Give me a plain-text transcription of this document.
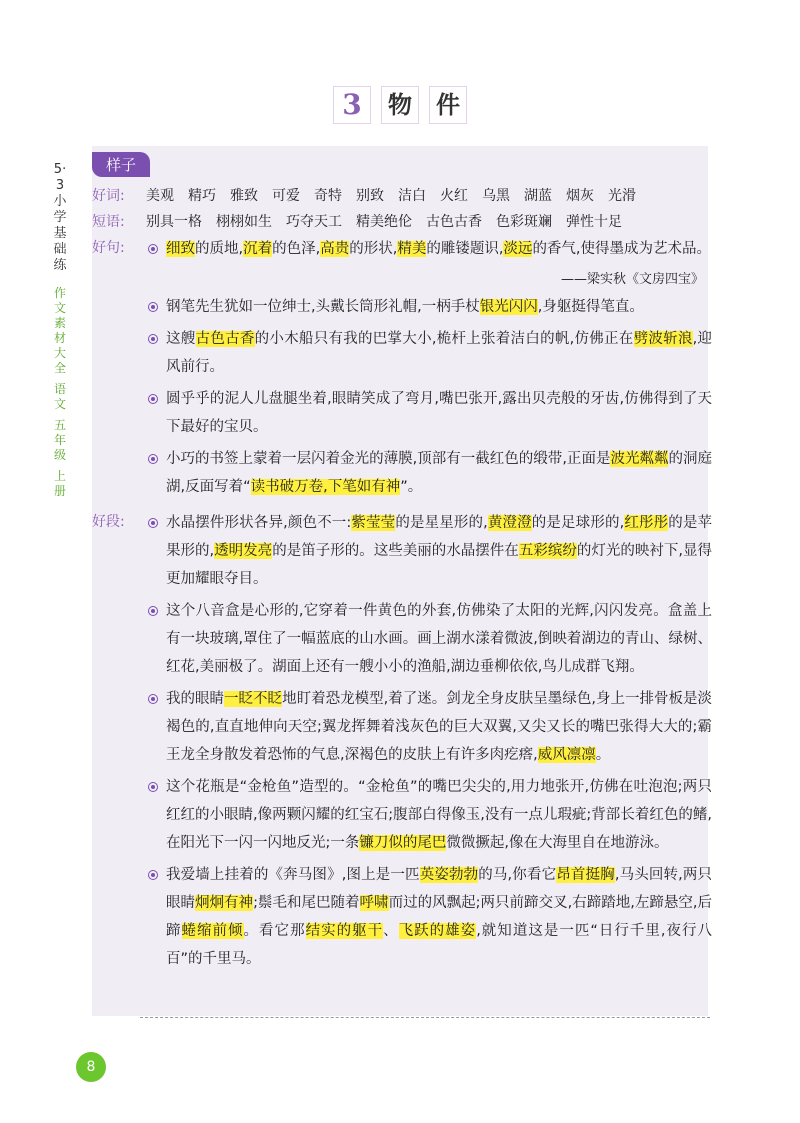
3 物 件
5·3小学基础练
作文素材大全
语文
五年级
上册
样子
好词:	美观 精巧 雅致 可爱 奇特 别致 洁白 火红 乌黑 湖蓝 烟灰 光滑
短语:	别具一格 栩栩如生 巧夺天工 精美绝伦 古色古香 色彩斑斓 弹性十足
好句:	细致的质地,沉着的色泽,高贵的形状,精美的雕镂题识,淡远的香气,使得墨成为艺术品。
——梁实秋《文房四宝》
钢笔先生犹如一位绅士,头戴长筒形礼帽,一柄手杖银光闪闪,身躯挺得笔直。
这艘古色古香的小木船只有我的巴掌大小,桅杆上张着洁白的帆,仿佛正在劈波斩浪,迎风前行。
圆乎乎的泥人儿盘腿坐着,眼睛笑成了弯月,嘴巴张开,露出贝壳般的牙齿,仿佛得到了天下最好的宝贝。
小巧的书签上蒙着一层闪着金光的薄膜,顶部有一截红色的缎带,正面是波光粼粼的洞庭湖,反面写着“读书破万卷,下笔如有神”。
好段:	水晶摆件形状各异,颜色不一:紫莹莹的是星星形的,黄澄澄的是足球形的,红彤彤的是苹果形的,透明发亮的是笛子形的。这些美丽的水晶摆件在五彩缤纷的灯光的映衬下,显得更加耀眼夺目。
这个八音盒是心形的,它穿着一件黄色的外套,仿佛染了太阳的光辉,闪闪发亮。盒盖上有一块玻璃,罩住了一幅蓝底的山水画。画上湖水漾着微波,倒映着湖边的青山、绿树、红花,美丽极了。湖面上还有一艘小小的渔船,湖边垂柳依依,鸟儿成群飞翔。
我的眼睛一眨不眨地盯着恐龙模型,着了迷。剑龙全身皮肤呈墨绿色,身上一排骨板是淡褐色的,直直地伸向天空;翼龙挥舞着浅灰色的巨大双翼,又尖又长的嘴巴张得大大的;霸王龙全身散发着恐怖的气息,深褐色的皮肤上有许多肉疙瘩,威风凛凛。
这个花瓶是“金枪鱼”造型的。“金枪鱼”的嘴巴尖尖的,用力地张开,仿佛在吐泡泡;两只红红的小眼睛,像两颗闪耀的红宝石;腹部白得像玉,没有一点儿瑕疵;背部长着红色的鳍,在阳光下一闪一闪地反光;一条镰刀似的尾巴微微撅起,像在大海里自在地游泳。
我爱墙上挂着的《奔马图》,图上是一匹英姿勃勃的马,你看它昂首挺胸,马头回转,两只眼睛炯炯有神;鬃毛和尾巴随着呼啸而过的风飘起;两只前蹄交叉,右蹄踏地,左蹄悬空,后蹄蜷缩前倾。看它那结实的躯干、飞跃的雄姿,就知道这是一匹“日行千里,夜行八百”的千里马。
8
